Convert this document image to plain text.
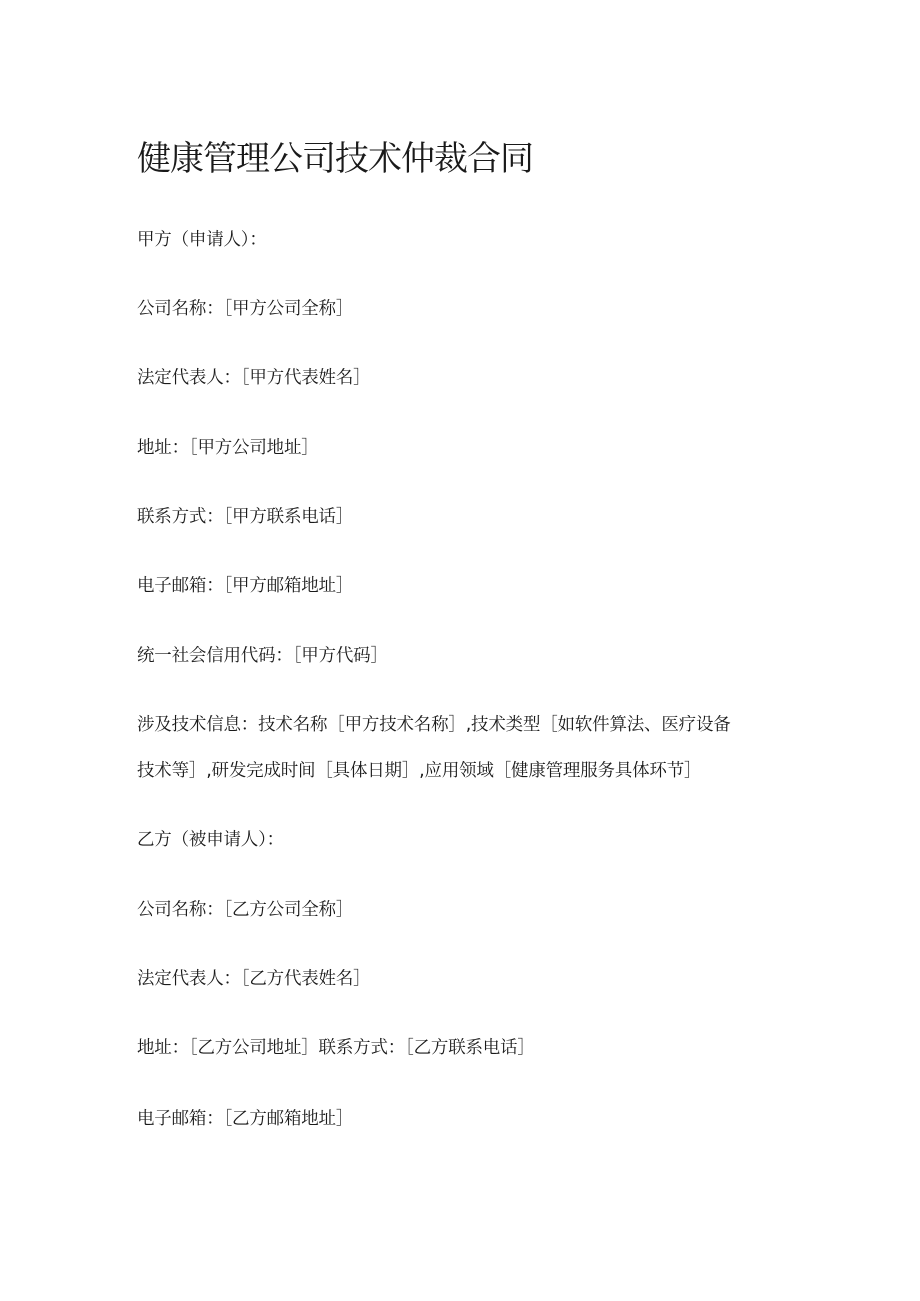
健康管理公司技术仲裁合同

甲方（申请人）：

公司名称：［甲方公司全称］

法定代表人：［甲方代表姓名］

地址：［甲方公司地址］

联系方式：［甲方联系电话］

电子邮箱：［甲方邮箱地址］

统一社会信用代码：［甲方代码］

涉及技术信息：技术名称［甲方技术名称］,技术类型［如软件算法、医疗设备

技术等］,研发完成时间［具体日期］,应用领域［健康管理服务具体环节］

乙方（被申请人）：

公司名称：［乙方公司全称］

法定代表人：［乙方代表姓名］

地址：［乙方公司地址］联系方式：［乙方联系电话］

电子邮箱：［乙方邮箱地址］
